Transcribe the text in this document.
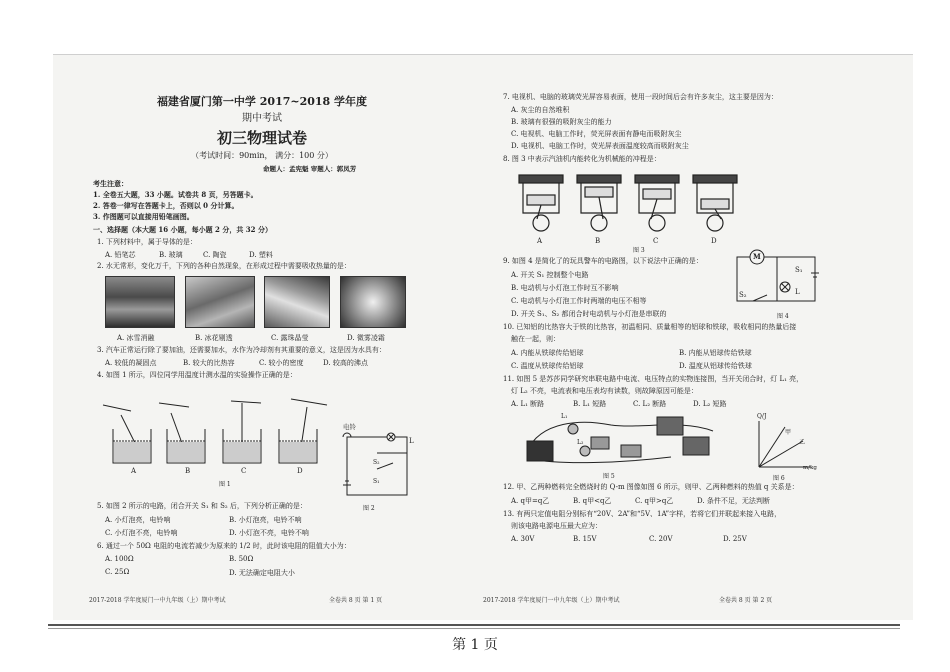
福建省厦门第一中学 2017~2018 学年度
期中考试
初三物理试卷
（考试时间：90min， 满分：100 分）
命题人：孟宪魁 审题人：郭凤芳
考生注意：
1. 全卷五大题，33 小题。试卷共 8 页，另答题卡。
2. 答卷一律写在答题卡上，否则以 0 分计算。
3. 作图题可以直接用铅笔画图。
一、选择题（本大题 16 小题，每小题 2 分，共 32 分）
1. 下列材料中，属于导体的是：
A. 铅笔芯	B. 玻璃	C. 陶瓷	D. 塑料
2. 水无常形，变化万千，下列的各种自然现象，在形成过程中需要吸收热量的是：
A. 冰雪消融	B. 冰花剔透	C. 露珠晶莹	D. 微雾凌霜
3. 汽车正常运行除了要加油，还需要加水，水作为冷却剂有其重要的意义，这是因为水具有：
A. 较低的凝固点	B. 较大的比热容	C. 较小的密度	D. 较高的沸点
4. 如图 1 所示，四位同学用温度计测水温的实验操作正确的是：
A	B	C	D
图 1
电铃
L
S₂
S₁
图 2
5. 如图 2 所示的电路，闭合开关 S₁ 和 S₂ 后，下列分析正确的是：
A. 小灯泡亮，电铃响	B. 小灯泡亮，电铃不响
C. 小灯泡不亮，电铃响	D. 小灯泡不亮，电铃不响
6. 通过一个 50Ω 电阻的电流若减少为原来的 1/2 时，此时该电阻的阻值大小为：
A. 100Ω	B. 50Ω
C. 25Ω	D. 无法确定电阻大小
2017-2018 学年度厦门一中九年级（上）期中考试	全卷共 8 页 第 1 页
7. 电视机、电脑的玻璃荧光屏容易表面，使用一段时间后会有许多灰尘，这主要是因为：
A. 灰尘的自然堆积
B. 玻璃有很强的吸附灰尘的能力
C. 电视机、电脑工作时，荧光屏表面有静电而吸附灰尘
D. 电视机、电脑工作时，荧光屏表面温度较高而吸附灰尘
8. 图 3 中表示汽油机内能转化为机械能的冲程是：
A	B	C	D
图 3
9. 如图 4 是简化了的玩具警车的电路图，以下说法中正确的是：
A. 开关 S₁ 控制整个电路
B. 电动机与小灯泡工作时互不影响
C. 电动机与小灯泡工作时两端的电压不相等
D. 开关 S₁、S₂ 都闭合时电动机与小灯泡是串联的
M
S₁
L
S₂
图 4
10. 已知铝的比热容大于铁的比热容，初温相同、质量相等的铝球和铁球，吸收相同的热量后接
触在一起，则：
A. 内能从铁球传给铝球	B. 内能从铝球传给铁球
C. 温度从铁球传给铝球	D. 温度从铝球传给铁球
11. 如图 5 是苏莎同学研究串联电路中电流、电压特点的实物连接图，当开关闭合时，灯 L₁ 亮，
灯 L₂ 不亮，电流表和电压表均有读数，则故障原因可能是：
A. L₁ 断路	B. L₁ 短路	C. L₂ 断路	D. L₂ 短路
L₁
L₂
图 5
Q/J
m/kg
甲
乙
图 6
12. 甲、乙两种燃料完全燃烧时的 Q-m 图像如图 6 所示，则甲、乙两种燃料的热值 q 关系是：
A. q甲=q乙	B. q甲<q乙	C. q甲>q乙	D. 条件不足，无法判断
13. 有两只定值电阻分别标有“20V、2A”和“5V、1A”字样，若将它们并联起来接入电路，
则该电路电源电压最大应为：
A. 30V	B. 15V	C. 20V	D. 25V
2017-2018 学年度厦门一中九年级（上）期中考试	全卷共 8 页 第 2 页
第 1 页
